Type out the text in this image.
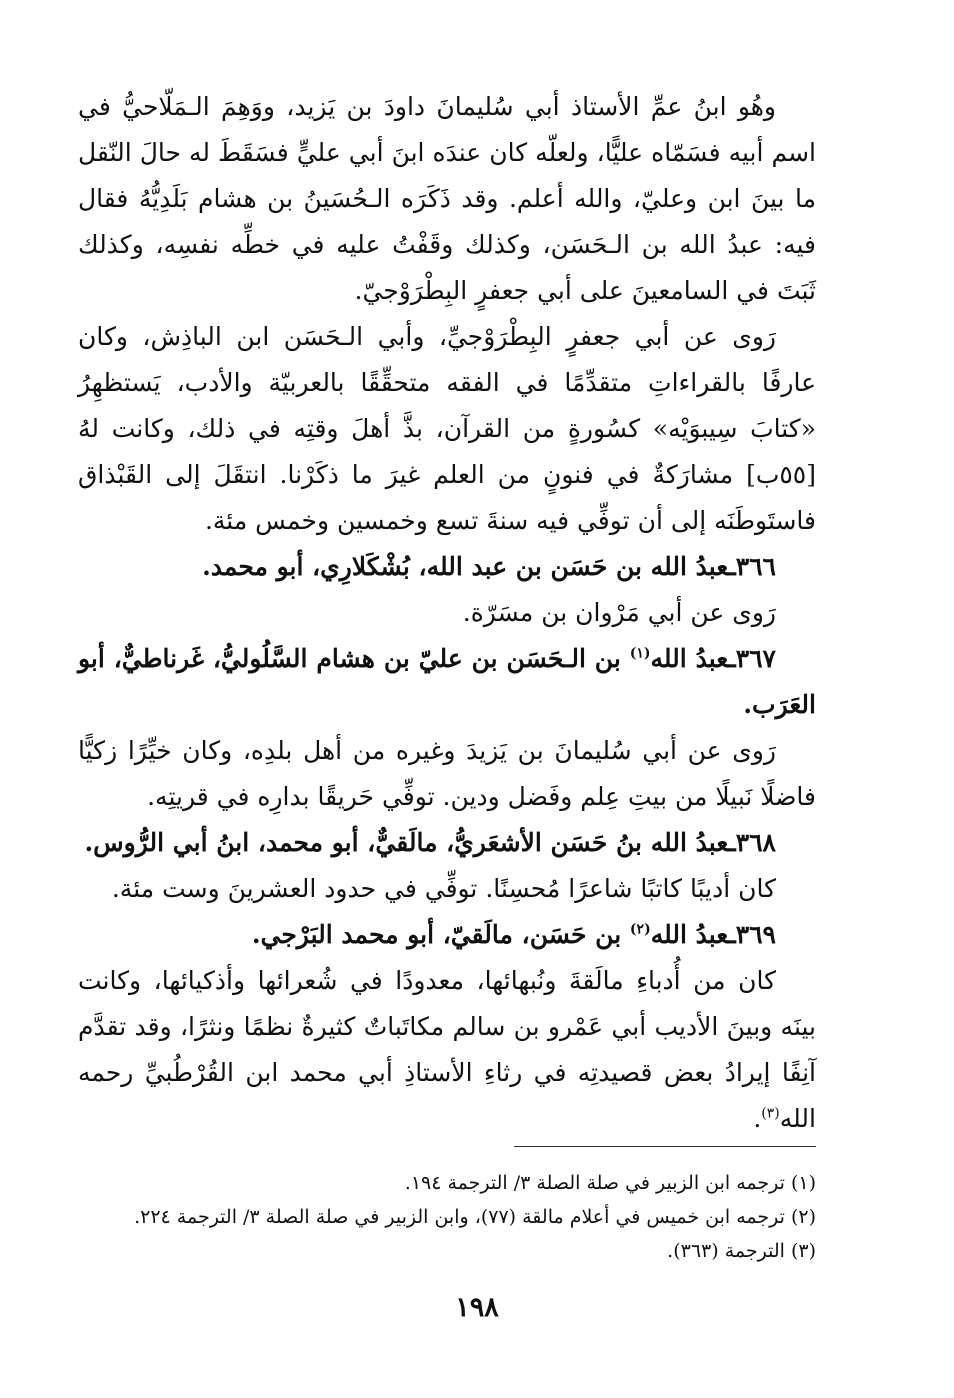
وهُو ابنُ عمِّ الأستاذ أبي سُليمانَ داودَ بن يَزيد، ووَهِمَ الـمَلّاحيُّ في اسم أبيه فسَمّاه عليًّا، ولعلّه كان عندَه ابنَ أبي عليٍّ فسَقَطَ له حالَ النّقل ما بينَ ابن وعليّ، والله أعلم. وقد ذَكَرَه الـحُسَينُ بن هشام بَلَدِيُّهُ فقال فيه: عبدُ الله بن الـحَسَن، وكذلك وقَفْتُ عليه في خطِّه نفسِه، وكذلك ثَبَتَ في السامعينَ على أبي جعفرٍ البِطْرَوْجيّ.

رَوى عن أبي جعفرٍ البِطْرَوْجيِّ، وأبي الـحَسَن ابن الباذِش، وكان عارفًا بالقراءاتِ متقدِّمًا في الفقه متحقِّقًا بالعربيّة والأدب، يَستظهِرُ «كتابَ سِيبوَيْه» كسُورةٍ من القرآن، بذَّ أهلَ وقتِه في ذلك، وكانت لهُ [٥٥ب] مشارَكةٌ في فنونٍ من العلم غيرَ ما ذكَرْنا. انتقَلَ إلى القَبْذاق فاستَوطَنَه إلى أن توفِّي فيه سنةَ تسع وخمسين وخمس مئة.

٣٦٦ـعبدُ الله بن حَسَن بن عبد الله، بُشْكَلارِي، أبو محمد.

رَوى عن أبي مَرْوان بن مسَرّة.

٣٦٧ـعبدُ الله$^{(١)}$ بن الـحَسَن بن عليّ بن هشام السَّلُوليُّ، غَرناطيٌّ، أبو العَرَب.

رَوى عن أبي سُليمانَ بن يَزيدَ وغيره من أهل بلدِه، وكان خيِّرًا زكيًّا فاضلًا نَبيلًا من بيتِ عِلم وفَضل ودين. توفِّي حَريقًا بدارِه في قريتِه.

٣٦٨ـعبدُ الله بنُ حَسَن الأشعَريُّ، مالَقيٌّ، أبو محمد، ابنُ أبي الرُّوس.

كان أديبًا كاتبًا شاعرًا مُحسِنًا. توفِّي في حدود العشرينَ وست مئة.

٣٦٩ـعبدُ الله$^{(٢)}$ بن حَسَن، مالَقيّ، أبو محمد البَرْجي.

كان من أُدباءِ مالَقةَ ونُبهائها، معدودًا في شُعرائها وأذكيائها، وكانت بينَه وبينَ الأديب أبي عَمْرو بن سالم مكاتَباتٌ كثيرةٌ نظمًا ونثرًا، وقد تقدَّم آنِفًا إيرادُ بعض قصيدتِه في رثاءِ الأستاذِ أبي محمد ابن القُرْطُبيِّ رحمه الله$^{(٣)}$.

(١) ترجمه ابن الزبير في صلة الصلة ٣/ الترجمة ١٩٤.

(٢) ترجمه ابن خميس في أعلام مالقة (٧٧)، وابن الزبير في صلة الصلة ٣/ الترجمة ٢٢٤.

(٣) الترجمة (٣٦٣).

١٩٨
